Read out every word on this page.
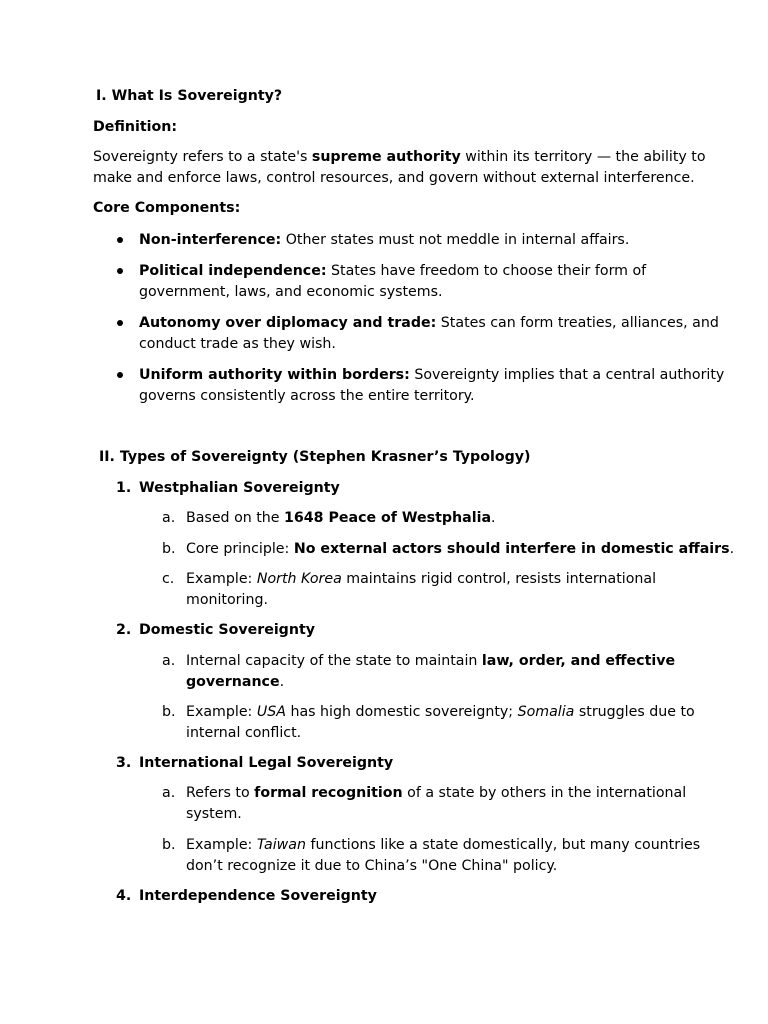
I. What Is Sovereignty?
Definition:
Sovereignty refers to a state's supreme authority within its territory — the ability to
make and enforce laws, control resources, and govern without external interference.
Core Components:
Non-interference: Other states must not meddle in internal affairs.
Political independence: States have freedom to choose their form of
government, laws, and economic systems.
Autonomy over diplomacy and trade: States can form treaties, alliances, and
conduct trade as they wish.
Uniform authority within borders: Sovereignty implies that a central authority
governs consistently across the entire territory.
II. Types of Sovereignty (Stephen Krasner’s Typology)
1. Westphalian Sovereignty
a. Based on the 1648 Peace of Westphalia.
b. Core principle: No external actors should interfere in domestic affairs.
c. Example: North Korea maintains rigid control, resists international
monitoring.
2. Domestic Sovereignty
a. Internal capacity of the state to maintain law, order, and effective
governance.
b. Example: USA has high domestic sovereignty; Somalia struggles due to
internal conflict.
3. International Legal Sovereignty
a. Refers to formal recognition of a state by others in the international
system.
b. Example: Taiwan functions like a state domestically, but many countries
don’t recognize it due to China’s "One China" policy.
4. Interdependence Sovereignty
